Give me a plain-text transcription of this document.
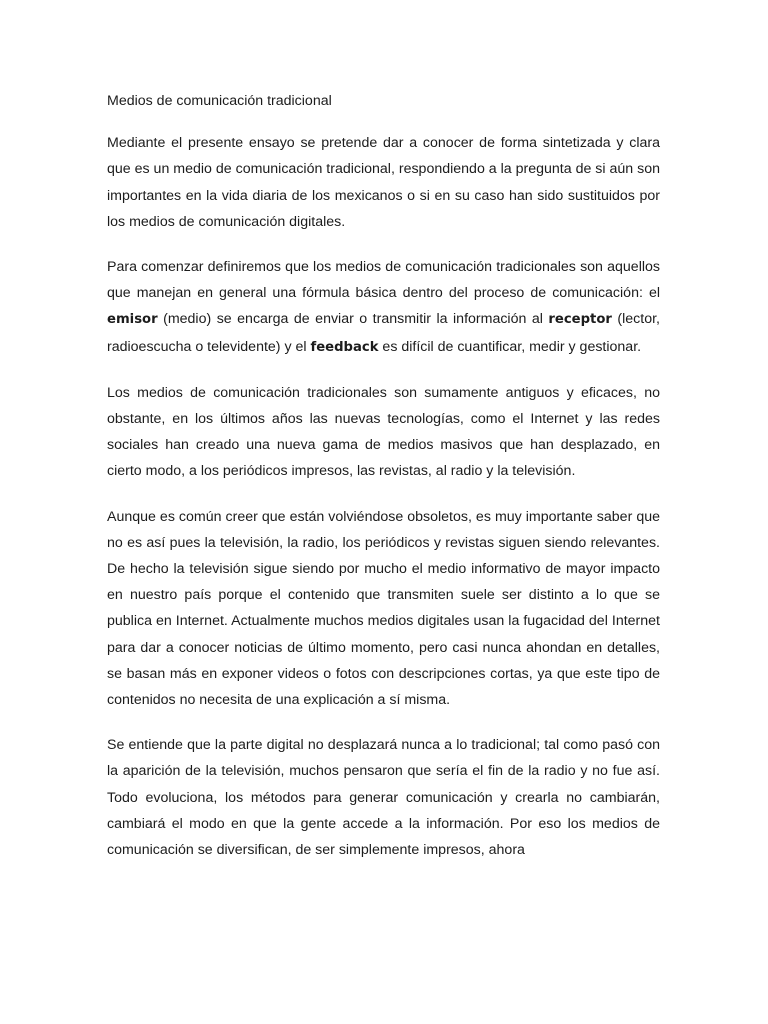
Medios de comunicación tradicional

Mediante el presente ensayo se pretende dar a conocer de forma sintetizada y clara que es un medio de comunicación tradicional, respondiendo a la pregunta de si aún son importantes en la vida diaria de los mexicanos o si en su caso han sido sustituidos por los medios de comunicación digitales.

Para comenzar definiremos que los medios de comunicación tradicionales son aquellos que manejan en general una fórmula básica dentro del proceso de comunicación: el emisor (medio) se encarga de enviar o transmitir la información al receptor (lector, radioescucha o televidente) y el feedback es difícil de cuantificar, medir y gestionar.

Los medios de comunicación tradicionales son sumamente antiguos y eficaces, no obstante, en los últimos años las nuevas tecnologías, como el Internet y las redes sociales han creado una nueva gama de medios masivos que han desplazado, en cierto modo, a los periódicos impresos, las revistas, al radio y la televisión.

Aunque es común creer que están volviéndose obsoletos, es muy importante saber que no es así pues la televisión, la radio, los periódicos y revistas siguen siendo relevantes. De hecho la televisión sigue siendo por mucho el medio informativo de mayor impacto en nuestro país porque el contenido que transmiten suele ser distinto a lo que se publica en Internet. Actualmente muchos medios digitales usan la fugacidad del Internet para dar a conocer noticias de último momento, pero casi nunca ahondan en detalles, se basan más en exponer videos o fotos con descripciones cortas, ya que este tipo de contenidos no necesita de una explicación a sí misma.

Se entiende que la parte digital no desplazará nunca a lo tradicional; tal como pasó con la aparición de la televisión, muchos pensaron que sería el fin de la radio y no fue así. Todo evoluciona, los métodos para generar comunicación y crearla no cambiarán, cambiará el modo en que la gente accede a la información. Por eso los medios de comunicación se diversifican, de ser simplemente impresos, ahora
